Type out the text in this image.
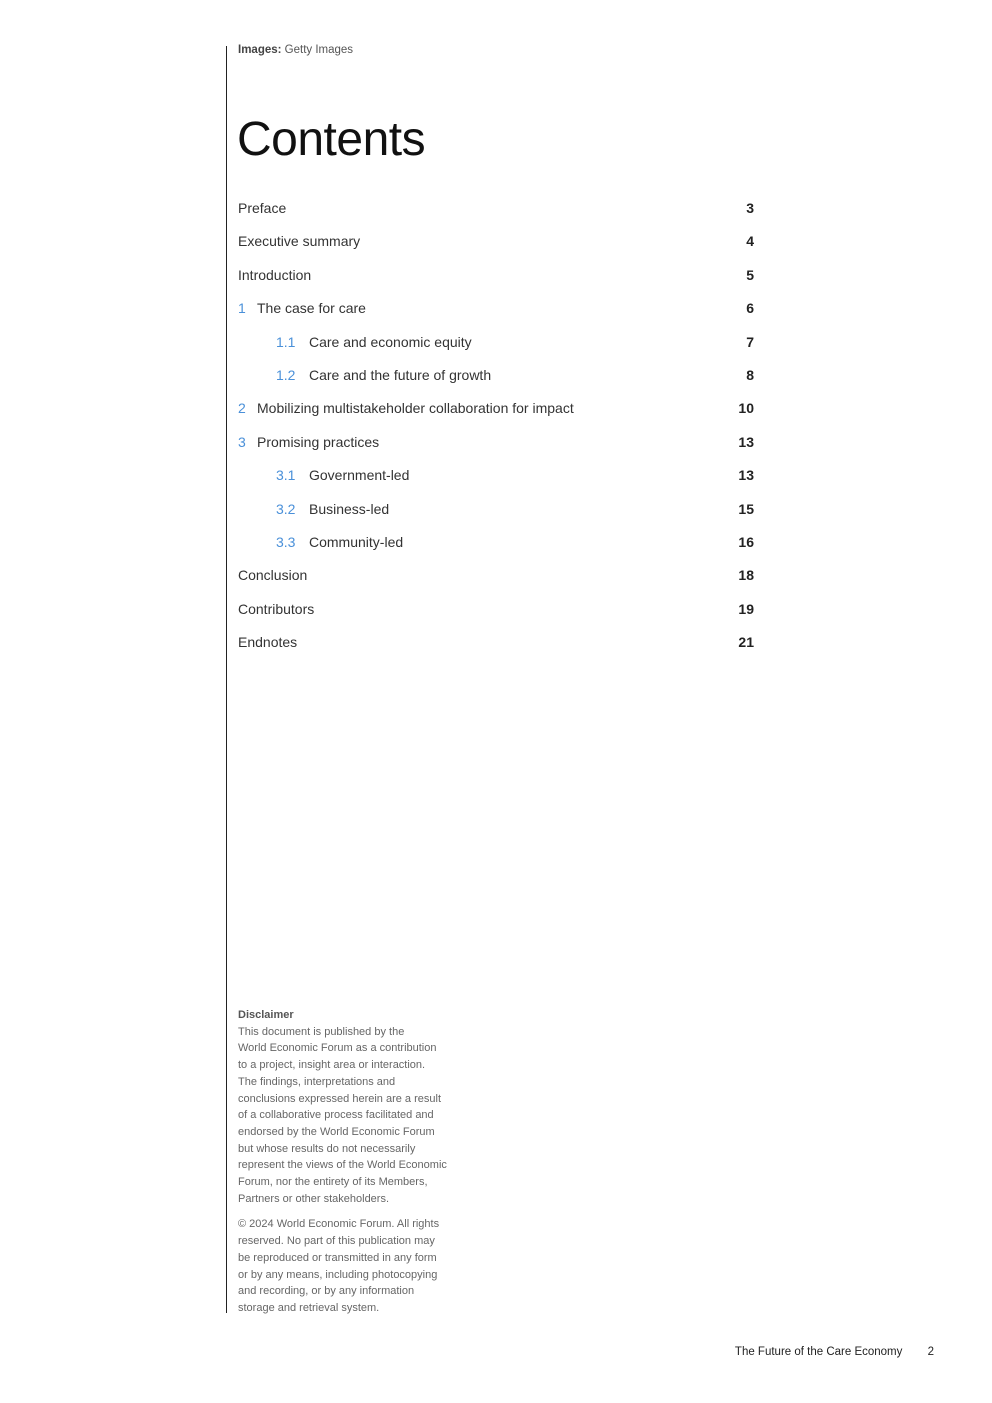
Images: Getty Images
Contents
Preface	3
Executive summary	4
Introduction	5
1 The case for care	6
1.1 Care and economic equity	7
1.2 Care and the future of growth	8
2 Mobilizing multistakeholder collaboration for impact	10
3 Promising practices	13
3.1 Government-led	13
3.2 Business-led	15
3.3 Community-led	16
Conclusion	18
Contributors	19
Endnotes	21

Disclaimer

This document is published by the
World Economic Forum as a contribution
to a project, insight area or interaction.
The findings, interpretations and
conclusions expressed herein are a result
of a collaborative process facilitated and
endorsed by the World Economic Forum
but whose results do not necessarily
represent the views of the World Economic
Forum, nor the entirety of its Members,
Partners or other stakeholders.

© 2024 World Economic Forum. All rights
reserved. No part of this publication may
be reproduced or transmitted in any form
or by any means, including photocopying
and recording, or by any information
storage and retrieval system.

The Future of the Care Economy 2
